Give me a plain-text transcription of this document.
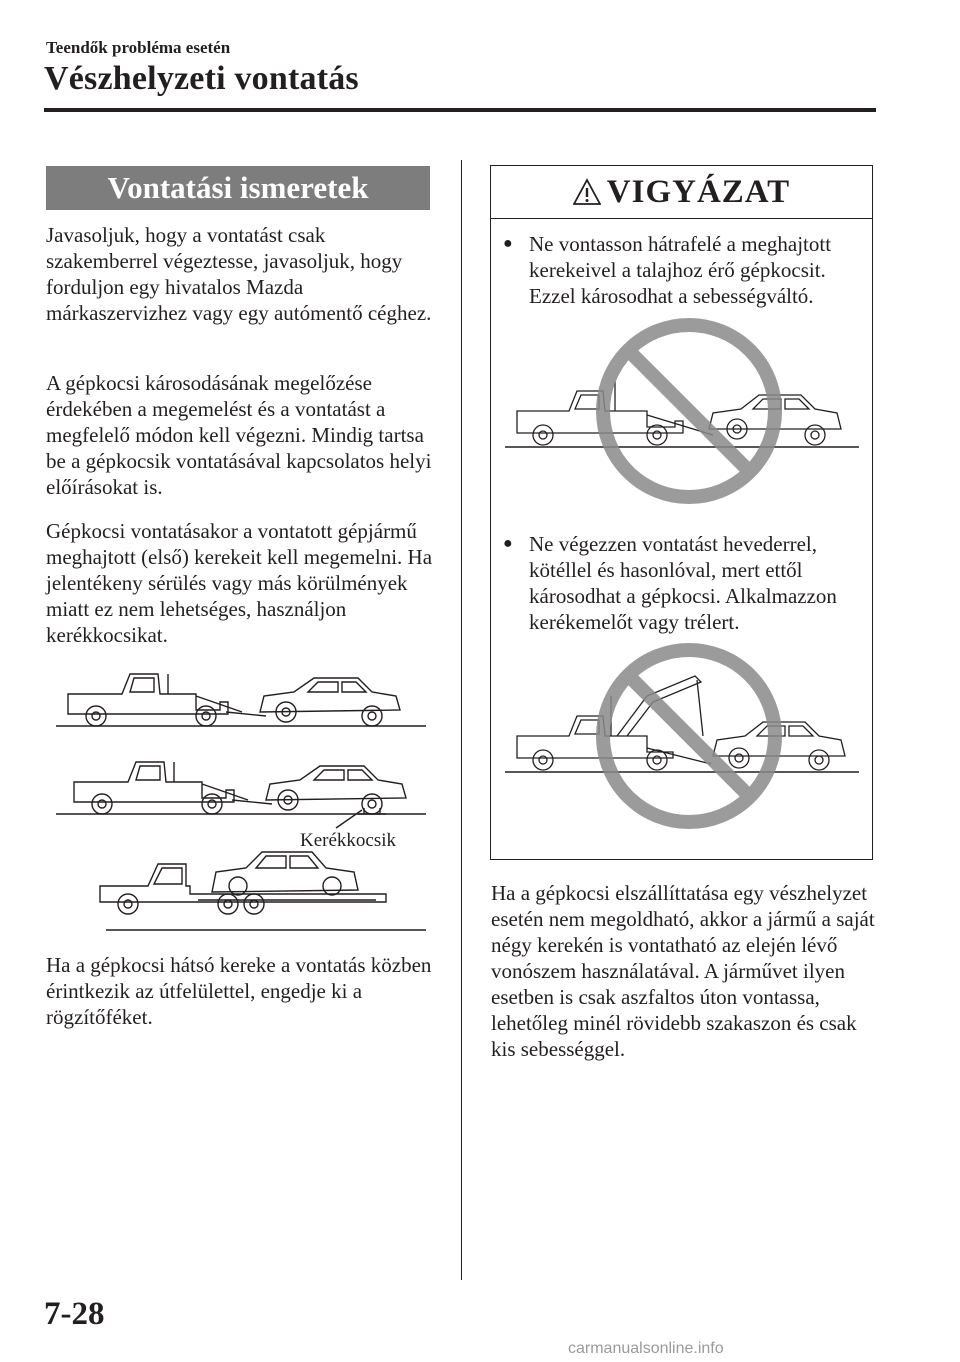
Teendők probléma esetén
Vészhelyzeti vontatás
Vontatási ismeretek

Javasoljuk, hogy a vontatást csak szakemberrel végeztesse, javasoljuk, hogy forduljon egy hivatalos Mazda márkaszervizhez vagy egy autómentő céghez.

A gépkocsi károsodásának megelőzése érdekében a megemelést és a vontatást a megfelelő módon kell végezni. Mindig tartsa be a gépkocsik vontatásával kapcsolatos helyi előírásokat is.

Gépkocsi vontatásakor a vontatott gépjármű meghajtott (első) kerekeit kell megemelni. Ha jelentékeny sérülés vagy más körülmények miatt ez nem lehetséges, használjon kerékkocsikat.

Kerékkocsik

Ha a gépkocsi hátsó kereke a vontatás közben érintkezik az útfelülettel, engedje ki a rögzítőféket.

VIGYÁZAT
● Ne vontasson hátrafelé a meghajtott kerekeivel a talajhoz érő gépkocsit. Ezzel károsodhat a sebességváltó.
● Ne végezzen vontatást hevederrel, kötéllel és hasonlóval, mert ettől károsodhat a gépkocsi. Alkalmazzon kerékemelőt vagy trélert.

Ha a gépkocsi elszállíttatása egy vészhelyzet esetén nem megoldható, akkor a jármű a saját négy kerekén is vontatható az elején lévő vonószem használatával. A járművet ilyen esetben is csak aszfaltos úton vontassa, lehetőleg minél rövidebb szakaszon és csak kis sebességgel.

7-28
carmanualsonline.info
